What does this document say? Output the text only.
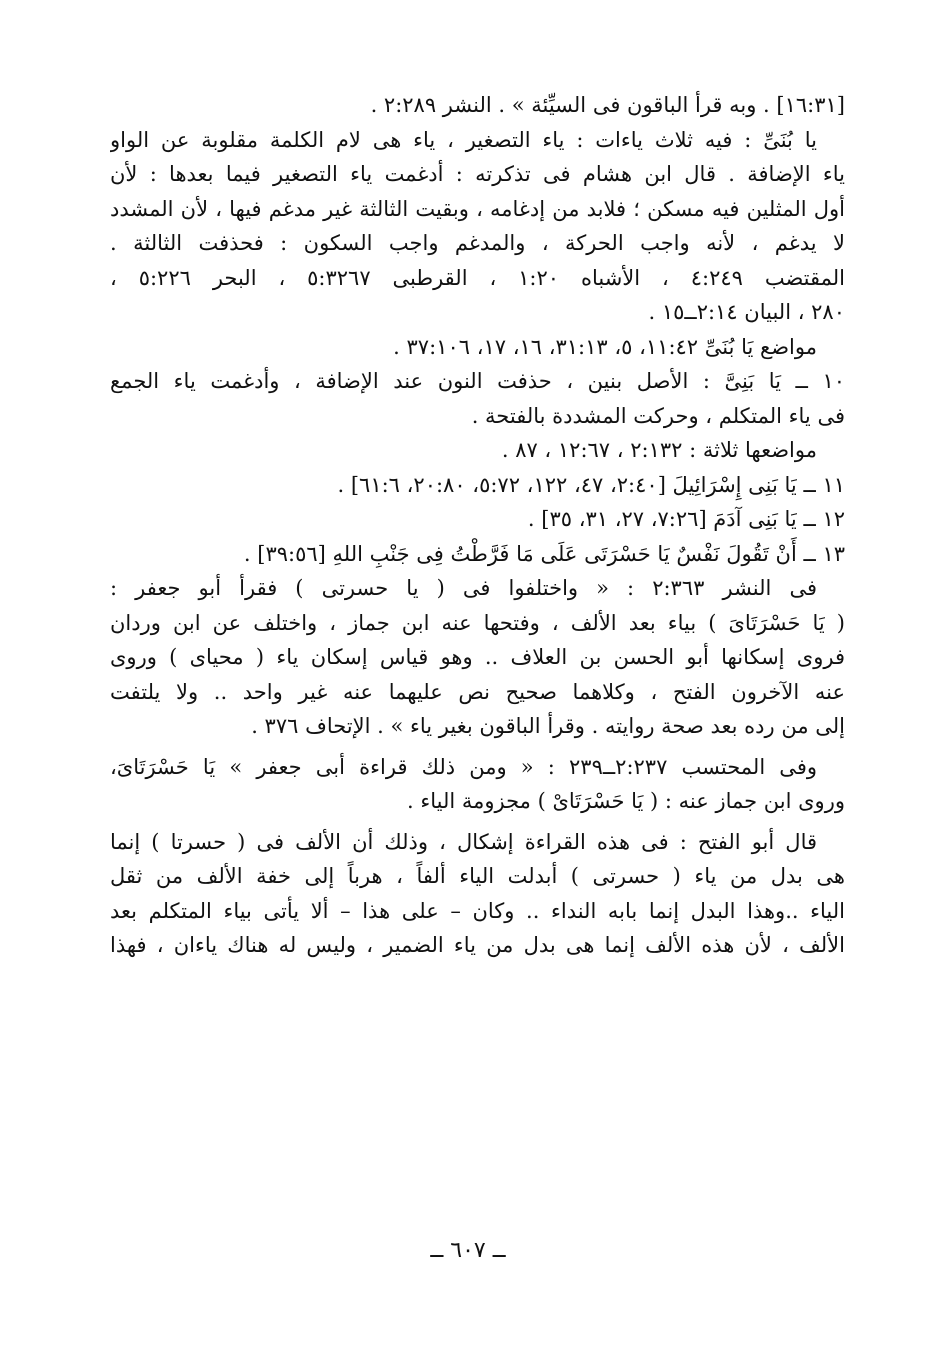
[١٦:٣١] . وبه قرأ الباقون فى السيِّئة » . النشر ٢:٢٨٩ .
يا بُنَىِّ : فيه ثلاث ياءات : ياء التصغير ، ياء هى لام الكلمة مقلوبة عن الواو
ياء الإضافة . قال ابن هشام فى تذكرته : أدغمت ياء التصغير فيما بعدها : لأن
أول المثلين فيه مسكن ؛ فلابد من إدغامه ، وبقيت الثالثة غير مدغم فيها ، لأن المشدد
لا يدغم ، لأنه واجب الحركة ، والمدغم واجب السكون : فحذفت الثالثة .
المقتضب ٤:٢٤٩ ، الأشباه ١:٢٠ ، القرطبى ٥:٣٢٦٧ ، البحر ٥:٢٢٦ ،
٢٨٠ ، البيان ٢:١٤ــ١٥ .
مواضع يَا بُنَىِّ ١١:٤٢، ٥، ٣١:١٣، ١٦، ١٧، ٣٧:١٠٦ .
١٠ ــ يَا بَنِىَّ : الأصل بنين ، حذفت النون عند الإضافة ، وأدغمت ياء الجمع
فى ياء المتكلم ، وحركت المشددة بالفتحة .
مواضعها ثلاثة : ٢:١٣٢ ، ١٢:٦٧ ، ٨٧ .
١١ ــ يَا بَنِى إِسْرَائِيلَ [٢:٤٠، ٤٧، ١٢٢، ٥:٧٢، ٢٠:٨٠، ٦١:٦] .
١٢ ــ يَا بَنِى آدَمَ [٧:٢٦، ٢٧، ٣١، ٣٥] .
١٣ ــ أَنْ تَقُولَ نَفْسٌ يَا حَسْرَتَى عَلَى مَا فَرَّطْتُ فِى جَنْبِ اللهِ [٣٩:٥٦] .
فى النشر ٢:٣٦٣ : « واختلفوا فى ( يا حسرتى ) فقرأ أبو جعفر :
( يَا حَسْرَتَاىَ ) بياء بعد الألف ، وفتحها عنه ابن جماز ، واختلف عن ابن وردان
فروى إسكانها أبو الحسن بن العلاف .. وهو قياس إسكان ياء ( محياى ) وروى
عنه الآخرون الفتح ، وكلاهما صحيح نص عليهما عنه غير واحد .. ولا يلتفت
إلى من رده بعد صحة روايته . وقرأ الباقون بغير ياء » . الإتحاف ٣٧٦ .
وفى المحتسب ٢:٢٣٧ــ٢٣٩ : « ومن ذلك قراءة أبى جعفر » يَا حَسْرَتَاىَ،
وروى ابن جماز عنه : ( يَا حَسْرَتَاىْ ) مجزومة الياء .
قال أبو الفتح : فى هذه القراءة إشكال ، وذلك أن الألف فى ( حسرتا ) إنما
هى بدل من ياء ( حسرتى ) أبدلت الياء ألفاً ، هرباً إلى خفة الألف من ثقل
الياء ..وهذا البدل إنما بابه النداء .. وكان – على هذا – ألا يأتى بياء المتكلم بعد
الألف ، لأن هذه الألف إنما هى بدل من ياء الضمير ، وليس له هناك ياءان ، فهذا
ــ ٦٠٧ ــ
